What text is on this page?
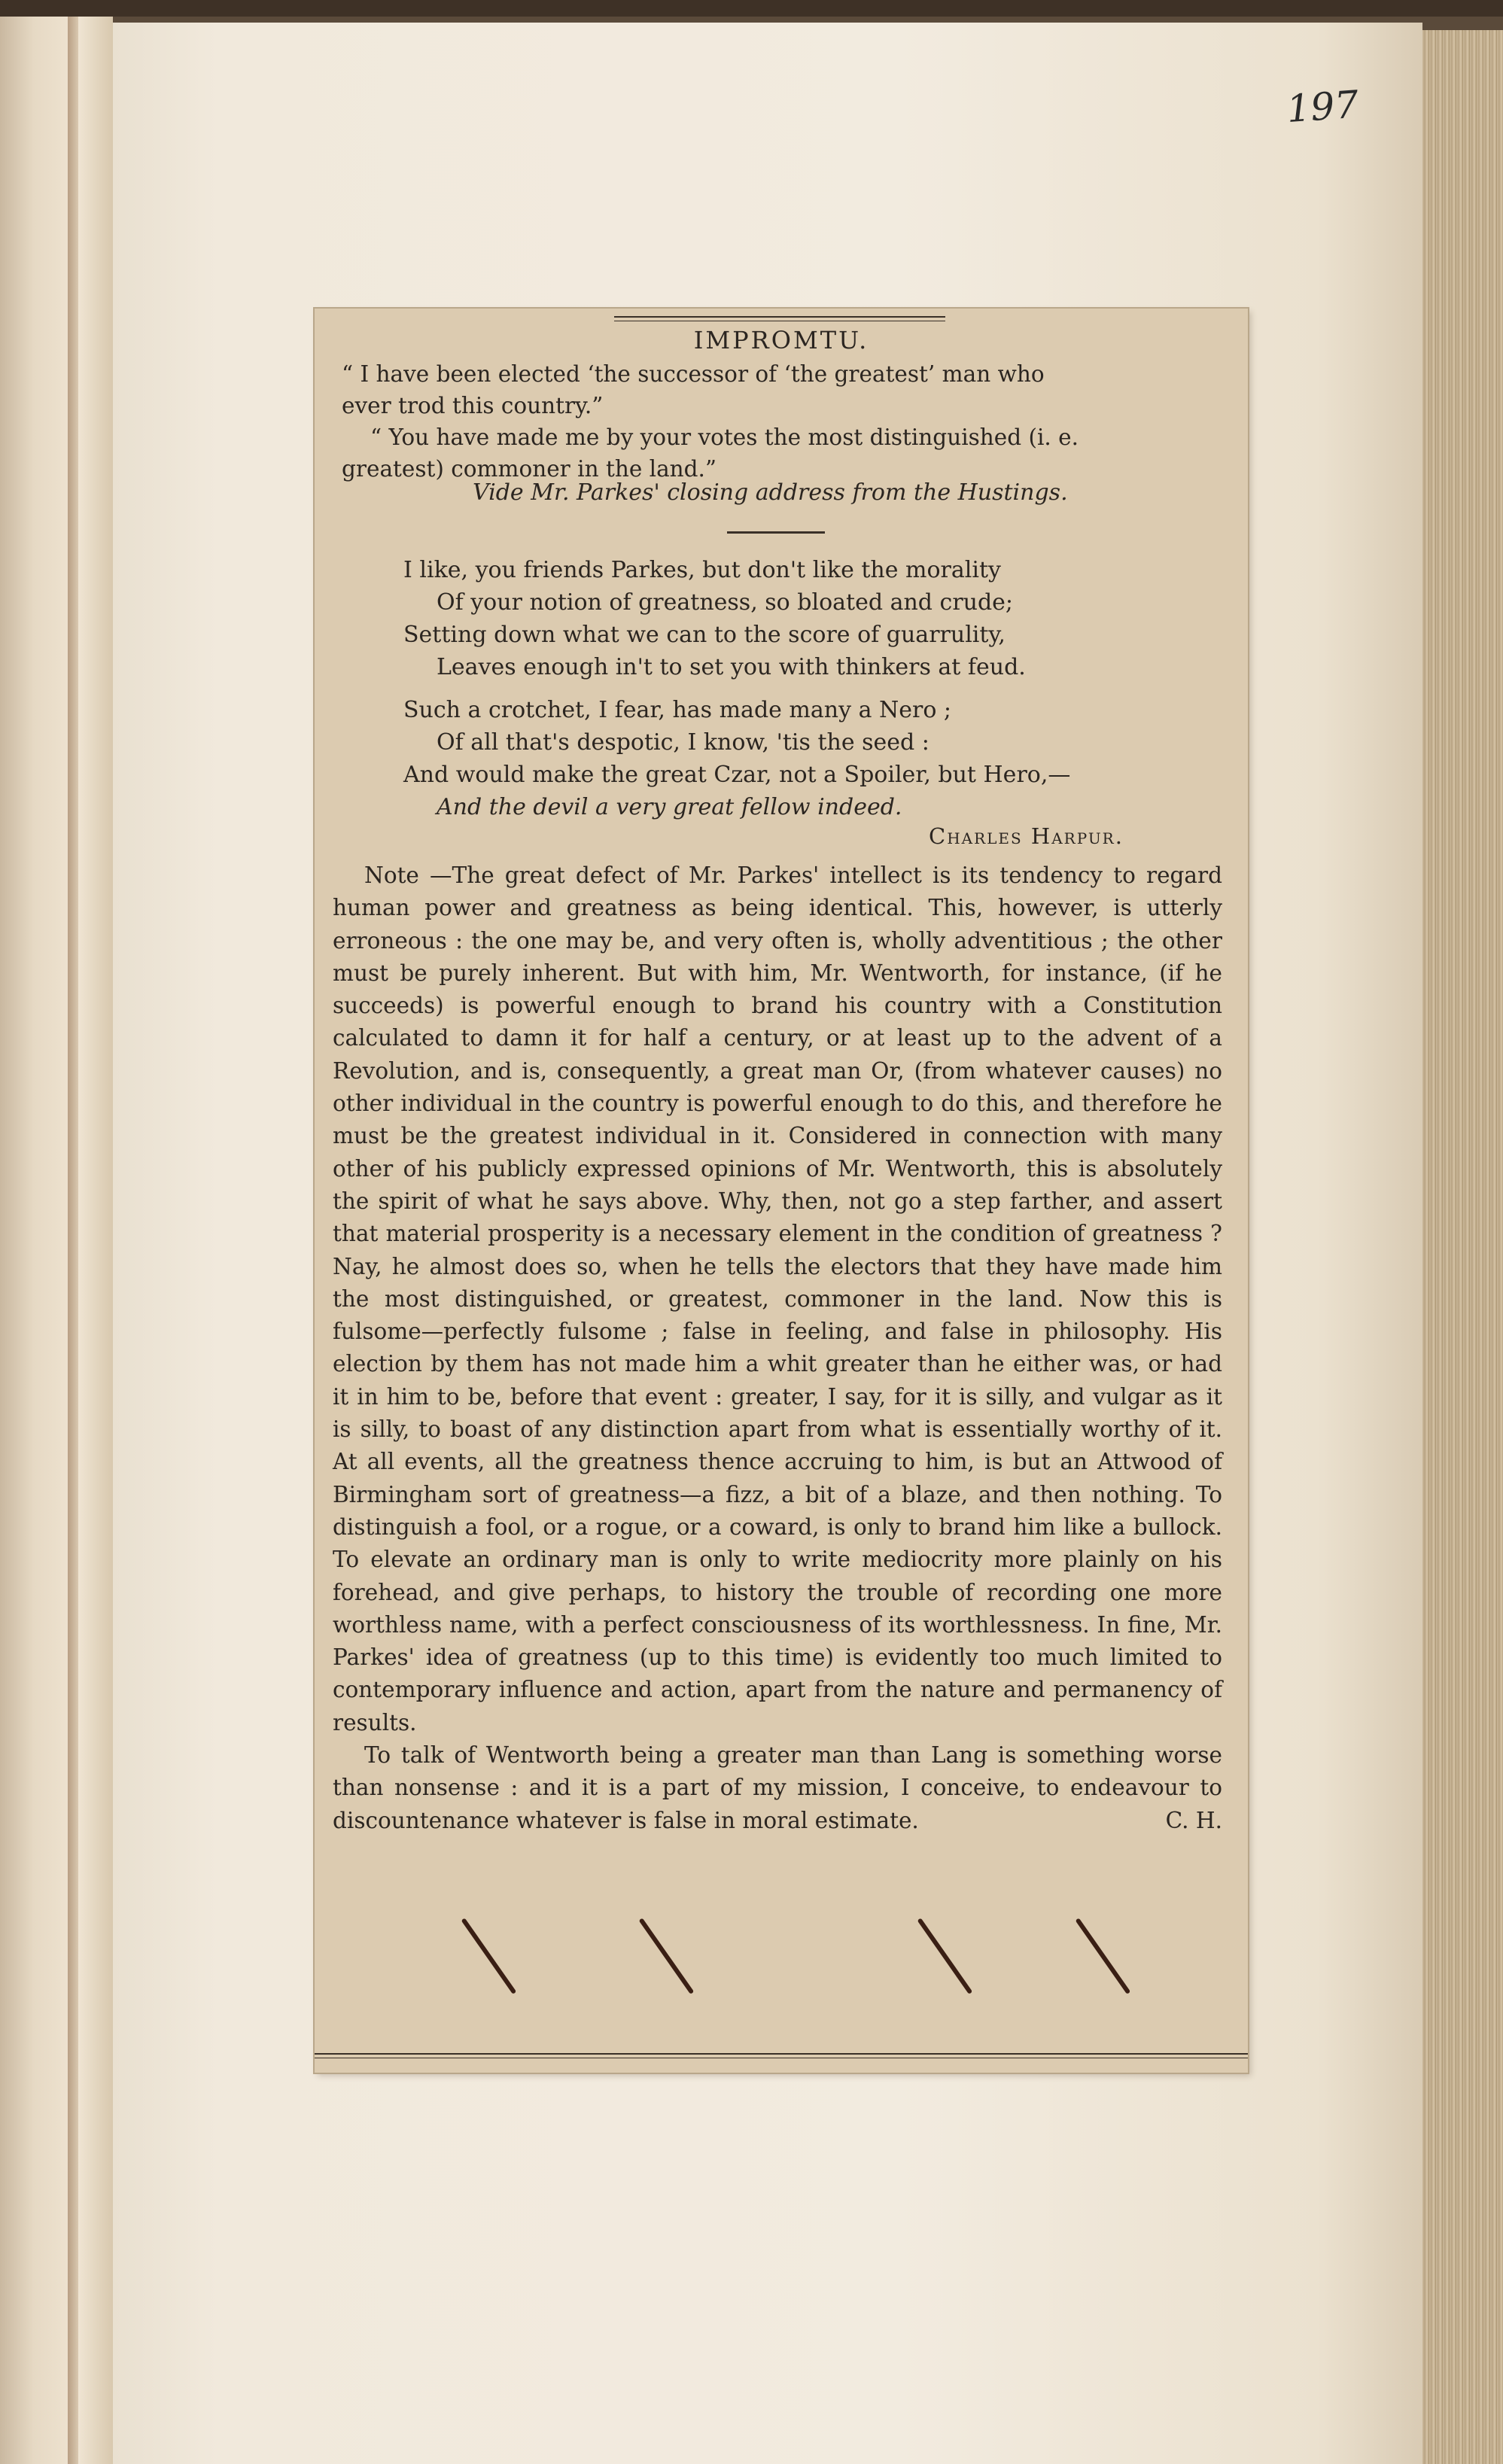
197
IMPROMTU.
“ I have been elected ‘the successor of ‘the greatest’ man who
ever trod this country.”
“ You have made me by your votes the most distinguished (i. e.
greatest) commoner in the land.”
Vide Mr. Parkes' closing address from the Hustings.
I like, you friends Parkes, but don't like the morality
Of your notion of greatness, so bloated and crude;
Setting down what we can to the score of guarrulity,
Leaves enough in't to set you with thinkers at feud.
Such a crotchet, I fear, has made many a Nero ;
Of all that's despotic, I know, 'tis the seed :
And would make the great Czar, not a Spoiler, but Hero,—
And the devil a very great fellow indeed.
Charles Harpur.

Note —The great defect of Mr. Parkes' intellect is its tendency to regard human power and greatness as being identical. This, however, is utterly erroneous : the one may be, and very often is, wholly adventitious ; the other must be purely inherent. But with him, Mr. Wentworth, for instance, (if he succeeds) is powerful enough to brand his country with a Constitution calculated to damn it for half a century, or at least up to the advent of a Revolution, and is, consequently, a great man Or, (from whatever causes) no other individual in the country is powerful enough to do this, and therefore he must be the greatest individual in it. Considered in connection with many other of his publicly expressed opinions of Mr. Wentworth, this is absolutely the spirit of what he says above. Why, then, not go a step farther, and assert that material prosperity is a necessary element in the condition of greatness ? Nay, he almost does so, when he tells the electors that they have made him the most distinguished, or greatest, commoner in the land. Now this is fulsome—perfectly fulsome ; false in feeling, and false in philosophy. His election by them has not made him a whit greater than he either was, or had it in him to be, before that event : greater, I say, for it is silly, and vulgar as it is silly, to boast of any distinction apart from what is essentially worthy of it. At all events, all the greatness thence accruing to him, is but an Attwood of Birmingham sort of greatness—a fizz, a bit of a blaze, and then nothing. To distinguish a fool, or a rogue, or a coward, is only to brand him like a bullock. To elevate an ordinary man is only to write mediocrity more plainly on his forehead, and give perhaps, to history the trouble of recording one more worthless name, with a perfect consciousness of its worthlessness. In fine, Mr. Parkes' idea of greatness (up to this time) is evidently too much limited to contemporary influence and action, apart from the nature and permanency of results.

To talk of Wentworth being a greater man than Lang is something worse than nonsense : and it is a part of my mission, I conceive, to endeavour to discountenance whatever is false in moral estimate.	C. H.
